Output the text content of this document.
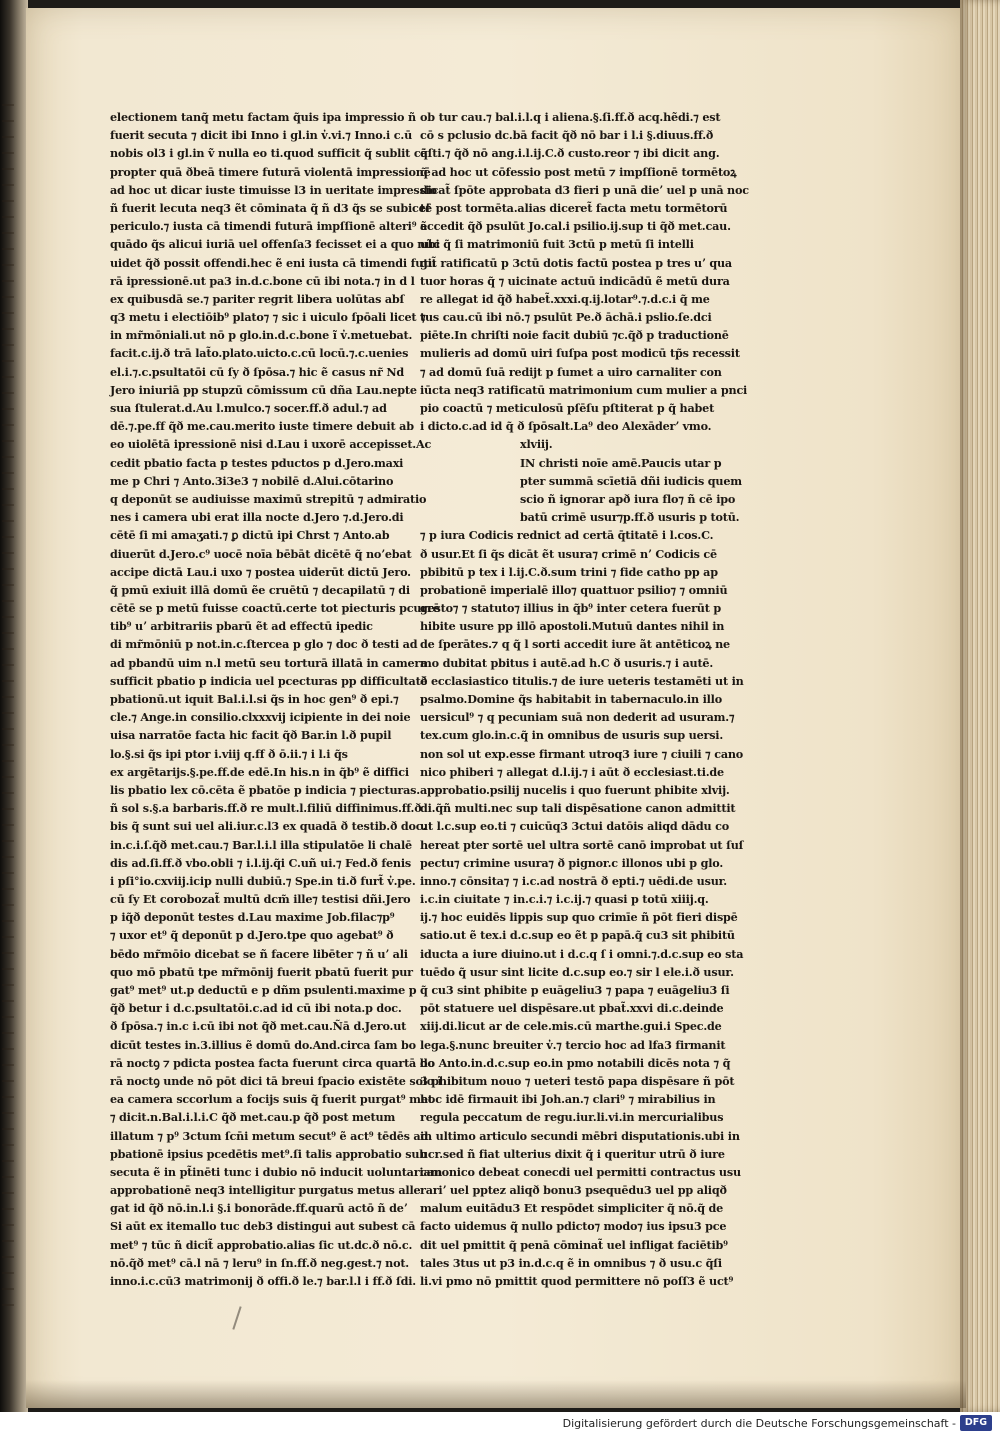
electionem tanq̃ metu factam q̃uis ipa impressio ñ
fuerit secuta ⁊ dicit ibi Inno i gl.in v̓.vi.⁊ Inno.i c.ū
nobis ol3 i gl.in ṽ nulla eo ti.quod sufficit q̃ sublit cā
propter quā ðbeā timere futurā violentā impressionē
ad hoc ut dicar iuste timuisse l3 in ueritate impressio
ñ fuerit lecuta neq3 ẽt cōminata q̃ ñ d3 q̃s se subicef
periculo.⁊ iusta cā timendi futurā impſſionē alteri⁹ ẽ
quādo q̃s alicui iuriā uel offenſa3 fecisset ei a quo nũc
uidet q̃ð possit offendi.hec ẽ eni iusta cā timendi futu
rā ipressionē.ut pa3 in.d.c.bone cū ibi nota.⁊ in d l
ex quibusdā se.⁊ pariter regrit libera uolūtas abſ
q3 metu i electiōib⁹ plato⁊ ⁊ sic i uiculo ſpōali licet ⁊
in mr̃mōniali.ut nō p glo.in.d.c.bone ĩ v̓.metuebat.
facit.c.ij.ð trā lat̃o.plato.uicto.c.cū locū.⁊.c.uenies
el.i.⁊.c.psultatōi cū ſy ð ſpōsa.⁊ hic ẽ casus nr̃ Nd
Jero iniuriā pp stupzū cōmissum cū dña Lau.nepte
sua ſtulerat.d.Au l.mulco.⁊ socer.ff.ð adul.⁊ ad
dē.⁊.pe.ff q̃ð me.cau.merito iuste timere debuit ab
eo uiolētā ipressionē nisi d.Lau i uxorē accepisset.Ac
cedit pbatio facta p testes pductos p d.Jero.maxi
me p Chri ⁊ Anto.3i3e3 ⁊ nobilē d.Alui.cōtarino
q deponūt se audiuisse maximū strepitū ⁊ admiratio
nes i camera ubi erat illa nocte d.Jero ⁊.d.Jero.di
cētē ſi mi amaʒati.⁊ ꝑ dictū ipi Chrst ⁊ Anto.ab
diuerūt d.Jero.c⁹ uocē noīa bēbāt dicētē q̃ noʼebat
accipe dictā Lau.i uxo ⁊ postea uiderūt dictū Jero.
q̃ pmū exiuit illā domū ẽe cruētū ⁊ decapilatū ⁊ di
cētē se p metū fuisse coactū.certe tot piecturis pcurrē
tib⁹ uʼ arbitrariis pbarū ẽt ad effectū ipedic
di mr̃mōniū p not.in.c.ſtercea p glo ⁊ doc ð testi ad
ad pbandū uim n.l metū seu torturā illatā in camera
sufficit pbatio p indicia uel pcecturas pp difficultatē
pbationū.ut iquit Bal.i.l.si q̃s in hoc gen⁹ ð epi.⁊
cle.⁊ Ange.in consilio.clxxxvij icipiente in dei noie
uisa narratōe facta hic facit q̃ð Bar.in l.ð pupil
lo.§.si q̃s ipi ptor i.viij q.ff ð ō.ii.⁊ i l.i q̃s
ex argētarijs.§.pe.ff.de edē.In his.n in q̃b⁹ ẽ diffici
lis pbatio lex cō.cēta ẽ pbatōe p indicia ⁊ piecturas.
ñ sol s.§.a barbaris.ff.ð re mult.l.filiū diffinimus.ff.ð
bis q̃ sunt sui uel ali.iur.c.l3 ex quadā ð testib.ð doc.
in.c.i.ſ.q̃ð met.cau.⁊ Bar.l.i.l illa stipulatōe li chalē
dis ad.ſi.ff.ð vbo.obli ⁊ i.l.ij.q̃i C.uñ ui.⁊ Fed.ð fenis
i pſi°io.cxviij.icip nulli dubiū.⁊ Spe.in ti.ð furt̃ v̓.pe.
cū ſy Et corobozat̃ multū dcm̃ ille⁊ testisi dñi.Jero
p iq̃ð deponūt testes d.Lau maxime Job.filac⁊p⁹
⁊ uxor et⁹ q̃ deponūt p d.Jero.tpe quo agebat⁹ ð
bēdo mr̃mōio dicebat se ñ facere libēter ⁊ ñ uʼ ali
quo mō pbatū tpe mr̃mōnij fuerit pbatū fuerit pur
gat⁹ met⁹ ut.p deductū e p dñm psulenti.maxime p
q̃ð betur i d.c.psultatōi.c.ad id cū ibi nota.p doc.
ð ſpōsa.⁊ in.c i.cū ibi not q̃ð met.cau.Ñā d.Jero.ut
dicūt testes in.3.illius ẽ domū do.And.circa ſam bo
rā noctꝯ ⁊ pdicta postea facta fuerunt circa quartā bo
rā noctꝯ unde nō pōt dici tā breui ſpacio existēte solo ĩ
ea camera sccorlum a focijs suis q̃ fuerit purgat⁹ met
⁊ dicit.n.Bal.i.l.i.C q̃ð met.cau.p q̃ð post metum
illatum ⁊ p⁹ 3ctum ſcn̄i metum secut⁹ ẽ act⁹ tēdēs ad
pbationē ipsius pcedētis met⁹.ſi talis approbatio sub
secuta ẽ in pt̃inēti tunc i dubio nō inducit uoluntariam
approbationē neq3 intelligitur purgatus metus alle
gat id q̃ð nō.in.l.i §.i bonorāde.ff.quarū actō ñ deʼ
Si aūt ex itemallo tuc deb3 distingui aut subest cā
met⁹ ⁊ tūc ñ dicit̃ approbatio.alias ſic ut.dc.ð nō.c.
nō.q̃ð met⁹ cā.l nā ⁊ leru⁹ in ſn.ff.ð neg.gest.⁊ not.
inno.i.c.cū3 matrimonij ð offi.ð le.⁊ bar.l.l i ff.ð ſdi.
ob tur cau.⁊ bal.i.l.q i aliena.§.ſi.ff.ð acq.hẽdi.⁊ est
cō s pclusio dc.bā facit q̃ð nō bar i l.i §.diuus.ff.ð
q̃ſti.⁊ q̃ð nō ang.i.l.ij.C.ð custo.reor ⁊ ibi dicit ang.
q̃ ad hoc ut cōfessio post metū ⁊ impſſionē tormētoꝝ
dicat̃ ſpōte approbata d3 fieri p unā dieʼ uel p unā noc
tē post tormēta.alias diceret̃ facta metu tormētorū
accedit q̃ð psulūt Jo.cal.i psilio.ij.sup ti q̃ð met.cau.
ubi q̃ ſi matrimoniū fuit 3ctū p metū ſi intelli
git̃ ratificatū p 3ctū dotis factū postea p tres uʼ qua
tuor horas q̃ ⁊ uicinate actuū indicādū ẽ metū dura
re allegat id q̃ð habet̃.xxxi.q.ij.lotar⁹.⁊.d.c.i q̃ me
tus cau.cū ibi nō.⁊ psulūt Pe.ð āchā.i pslio.ſe.dci
piēte.In chriſti noie facit dubiū ⁊c.q̃ð p traductionē
mulieris ad domū uiri ſuſpa post modicū tp̃s recessit
⁊ ad domū ſuā redijt p ſumet a uiro carnaliter con
iūcta neq3 ratificatū matrimonium cum mulier a pnci
pio coactū ⁊ meticulosū pſēſu pſtiterat p q̃ habet
i dicto.c.ad id q̃ ð ſpōsalt.La⁹ deo Alexāderʼ vmo.
xlviij.
IN christi noīe amē.Paucis utar p
pter summā scīetiā dñi iudicis quem
scio ñ ignorar apð iura flo⁊ ñ cē ipo
batū crimē usur⁊p.ff.ð usuris p totū.
⁊ p iura Codicis rednict ad certā q̄titatē i l.cos.C.
ð usur.Et ſi q̃s dicāt ẽt usura⁊ crimē nʼ Codicis cē
pbibitū p tex i l.ij.C.ð.sum trini ⁊ fide catho pp ap
probationē imperialē illo⁊ quattuor psilio⁊ ⁊ omniū
gesto⁊ ⁊ statuto⁊ illius in q̃b⁹ inter cetera fuerūt p
hibite usure pp illō apostoli.Mutuū dantes nihil in
de ſperātes.⁊ q q̃ l sorti accedit iure ãt antēticoꝝ ne
mo dubitat pbitus i autē.ad h.C ð usuris.⁊ i autē.
ð ecclasiastico titulis.⁊ de iure ueteris testamēti ut in
psalmo.Domine q̃s habitabit in tabernaculo.in illo
uersicul⁹ ⁊ q pecuniam suā non dederit ad usuram.⁊
tex.cum glo.in.c.q̃ in omnibus de usuris sup uersi.
non sol ut exp.esse firmant utroq3 iure ⁊ ciuili ⁊ cano
nico phiberi ⁊ allegat d.l.ij.⁊ i aūt ð ecclesiast.ti.de
approbatio.psilij nucelis i quo fuerunt phibite xlvij.
di.q̃ñ multi.nec sup tali dispēsatione canon admittit
ut l.c.sup eo.ti ⁊ cuicūq3 3ctui datōis aliqd dādu co
hereat pter sortē uel ultra sortē canō improbat ut ſuſ
pectu⁊ crimine usura⁊ ð pignor.c illonos ubi p glo.
inno.⁊ cōnsita⁊ ⁊ i.c.ad nostrā ð epti.⁊ uēdi.de usur.
i.c.in ciuitate ⁊ in.c.i.⁊ i.c.ij.⁊ quasi p totū xiiij.q.
ij.⁊ hoc euidēs lippis sup quo crimīe ñ pōt fieri dispē
satio.ut ẽ tex.i d.c.sup eo ẽt p papā.q̃ cu3 sit phibitū
iducta a iure diuino.ut i d.c.q ſ i omni.⁊.d.c.sup eo sta
tuēdo q̃ usur sint licite d.c.sup eo.⁊ sir l ele.i.ð usur.
q̃ cu3 sint phibite p euāgeliu3 ⁊ papa ⁊ euāgeliu3 ſi
pōt statuere uel dispēsare.ut pbat̃.xxvi di.c.deinde
xiij.di.licut ar de cele.mis.cū marthe.gui.i Spec.de
lega.§.nunc breuiter v̓.⁊ tercio hoc ad lfa3 firmanit
do Anto.in.d.c.sup eo.in pmo notabili dicēs nota ⁊ q̃
3 phibitum nouo ⁊ ueteri testō papa dispēsare ñ pōt
hoc idē firmauit ibi Joh.an.⁊ clari⁹ ⁊ mirabilius in
regula peccatum de regu.iur.li.vi.in mercurialibus
in ultimo articulo secundi mēbri disputationis.ubi in
ucr.sed ñ fiat ulterius dixit q̃ i queritur utrū ð iure
canonico debeat conecdi uel permitti contractus usu
rariʼ uel pptez aliqð bonu3 psequēdu3 uel pp aliqð
malum euitādu3 Et respōdet simpliciter q̃ nō.q̃ de
facto uidemus q̃ nullo pdicto⁊ modo⁊ ius ipsu3 pce
dit uel pmittit q̃ penā cōminat̃ uel infligat faciētib⁹
tales 3tus ut p3 in.d.c.q ẽ in omnibus ⁊ ð usu.c q̃ſi
li.vi pmo nō pmittit quod permittere nō poſſ3 ẽ uct⁹
Digitalisierung gefördert durch die Deutsche Forschungsgemeinschaft - DFG
